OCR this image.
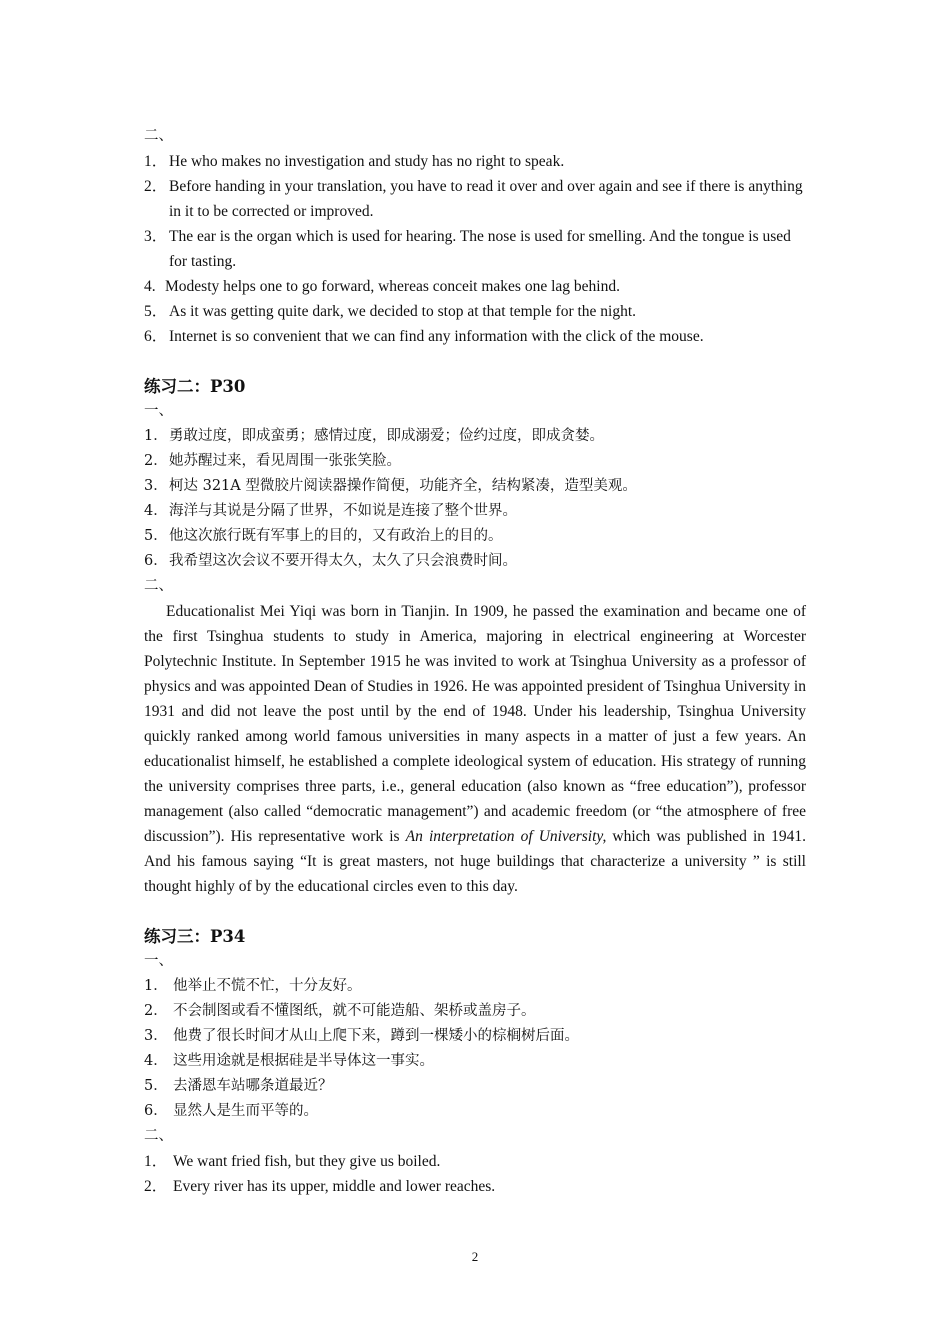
二、
1． He who makes no investigation and study has no right to speak.
2． Before handing in your translation, you have to read it over and over again and see if there is anything in it to be corrected or improved.
3． The ear is the organ which is used for hearing. The nose is used for smelling. And the tongue is used for tasting.
4. Modesty helps one to go forward, whereas conceit makes one lag behind.
5． As it was getting quite dark, we decided to stop at that temple for the night.
6． Internet is so convenient that we can find any information with the click of the mouse.
练习二：P30
一、
1．勇敢过度，即成蛮勇；感情过度，即成溺爱；俭约过度，即成贪婪。
2．她苏醒过来，看见周围一张张笑脸。
3．柯达 321A 型微胶片阅读器操作简便，功能齐全，结构紧凑，造型美观。
4．海洋与其说是分隔了世界，不如说是连接了整个世界。
5．他这次旅行既有军事上的目的，又有政治上的目的。
6．我希望这次会议不要开得太久，太久了只会浪费时间。
二、
Educationalist Mei Yiqi was born in Tianjin. In 1909, he passed the examination and became one of the first Tsinghua students to study in America, majoring in electrical engineering at Worcester Polytechnic Institute. In September 1915 he was invited to work at Tsinghua University as a professor of physics and was appointed Dean of Studies in 1926. He was appointed president of Tsinghua University in 1931 and did not leave the post until by the end of 1948. Under his leadership, Tsinghua University quickly ranked among world famous universities in many aspects in a matter of just a few years. An educationalist himself, he established a complete ideological system of education. His strategy of running the university comprises three parts, i.e., general education (also known as “free education”), professor management (also called “democratic management”) and academic freedom (or “the atmosphere of free discussion”). His representative work is An interpretation of University, which was published in 1941. And his famous saying “It is great masters, not huge buildings that characterize a university ” is still thought highly of by the educational circles even to this day.
练习三：P34
一、
1． 他举止不慌不忙，十分友好。
2． 不会制图或看不懂图纸，就不可能造船、架桥或盖房子。
3． 他费了很长时间才从山上爬下来，蹲到一棵矮小的棕榈树后面。
4． 这些用途就是根据硅是半导体这一事实。
5． 去潘恩车站哪条道最近？
6． 显然人是生而平等的。
二、
1． We want fried fish, but they give us boiled.
2． Every river has its upper, middle and lower reaches.
2
